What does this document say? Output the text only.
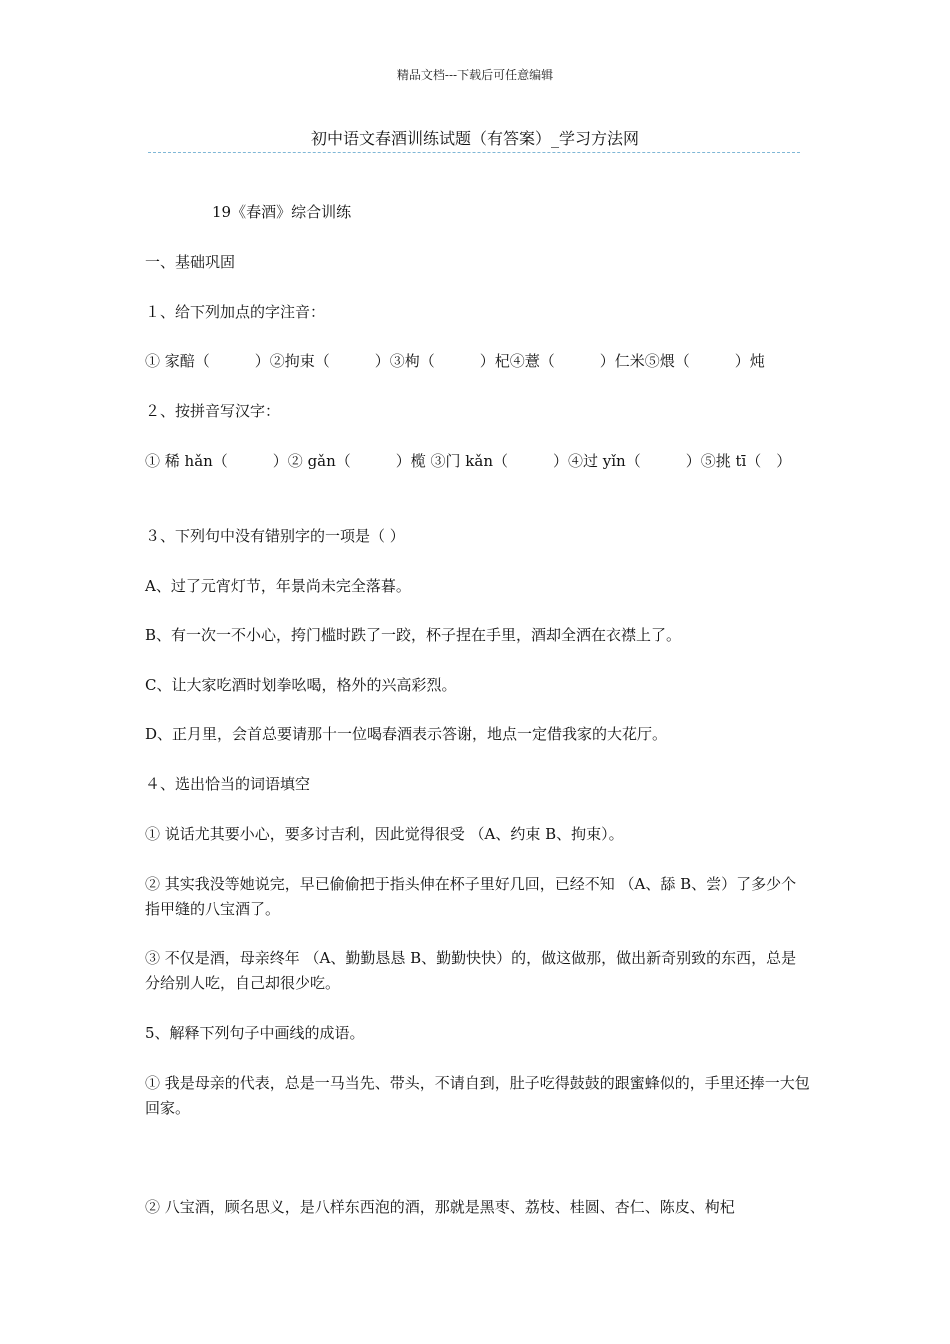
精品文档---下载后可任意编辑
初中语文春酒训练试题（有答案）_学习方法网
19《春酒》综合训练
一、基础巩固
１、给下列加点的字注音：
① 家醅（　　　）②拘束（　　　）③枸（　　　）杞④薏（　　　）仁米⑤煨（　　　）炖
２、按拼音写汉字：
① 稀 hǎn（　　　）② gǎn（　　　）榄 ③门 kǎn（　　　）④过 yǐn（　　　）⑤挑 tī（　）
３、下列句中没有错别字的一项是（ ）
A、过了元宵灯节，年景尚未完全落暮。
B、有一次一不小心，挎门槛时跌了一跤，杯子捏在手里，酒却全洒在衣襟上了。
C、让大家吃酒时划拳吆喝，格外的兴高彩烈。
D、正月里，会首总要请那十一位喝春酒表示答谢，地点一定借我家的大花厅。
４、选出恰当的词语填空
① 说话尤其要小心，要多讨吉利，因此觉得很受 （A、约束 B、拘束）。
② 其实我没等她说完，早已偷偷把于指头伸在杯子里好几回，已经不知 （A、舔 B、尝）了多少个指甲缝的八宝酒了。
③ 不仅是酒，母亲终年 （A、勤勤恳恳 B、勤勤快快）的，做这做那，做出新奇别致的东西，总是分给别人吃，自己却很少吃。
5、解释下列句子中画线的成语。
① 我是母亲的代表，总是一马当先、带头，不请自到，肚子吃得鼓鼓的跟蜜蜂似的，手里还捧一大包回家。
② 八宝酒，顾名思义，是八样东西泡的酒，那就是黑枣、荔枝、桂圆、杏仁、陈皮、枸杞
